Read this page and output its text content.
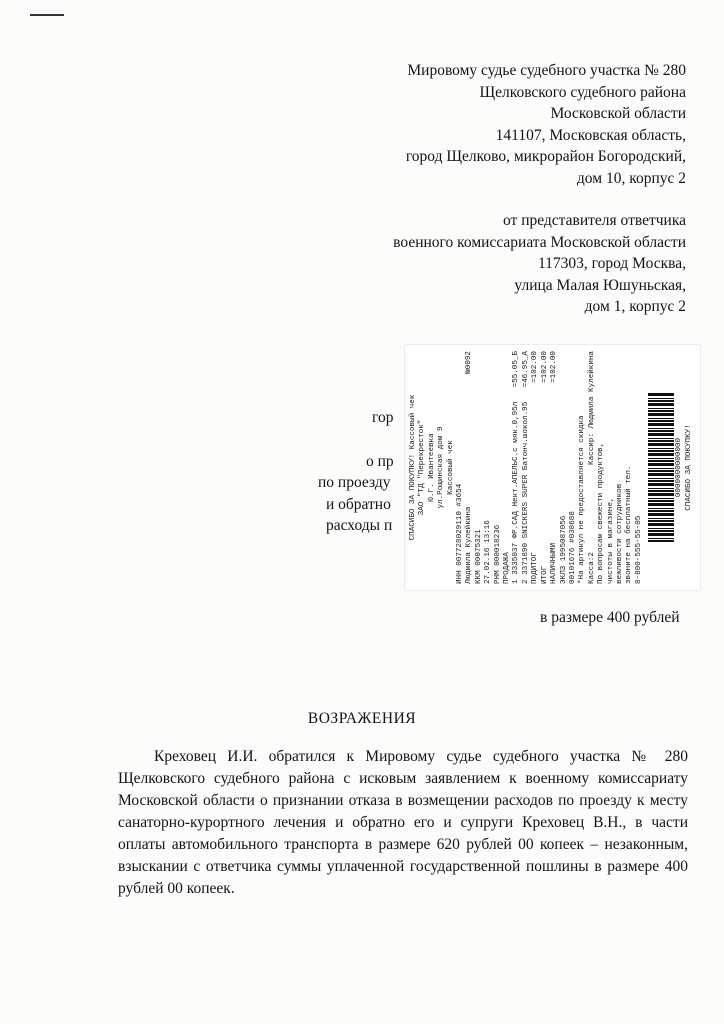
Мировому судье судебного участка № 280
Щелковского судебного района
Московской области
141107, Московская область,
город Щелково, микрорайон Богородский,
дом 10, корпус 2
от представителя ответчика
военного комиссариата Московской области
117303, город Москва,
улица Малая Юшуньская,
дом 1, корпус 2
гор
о пр
по проезду
и обратно
расходы п
в размере 400 рублей
СПАСИБО ЗА ПОКУПКУ! Кассовый чек ЗАО "ТД "Перекресток" Ю.Г. Ивантеевка ул.Рощинская дом 9 Кассовый чек
ИНН 007728029110 #3654 Людмила Кулейкина
№0092
ККМ 00075321 27.02.16 13:16 РНМ 000018236 ПРОДАЖА 1 3335037 ФР.САД Нект.АПЕЛЬС.с мяк.0,95л
=55.05_Б
2 3371890 SNICKERS SUPER Батонч.шокол.95
=46.95_А
ПОДИТОГ
=102.00
ИТОГ
=102.00
НАЛИЧНЫМИ
=102.00
ЭКЛЗ 1995087056 00101676 #038688 *На артикул не предоставляется скидка Касса:2
Кассир: Людмила Кулейкина
По вопросам свежести продуктов, чистоты в магазине, вежливости сотрудников звоните на бесплатный тел. 8-800-555-55-05
0000000000000 СПАСИБО ЗА ПОКУПКУ!
ВОЗРАЖЕНИЯ
Креховец И.И. обратился к Мировому судье судебного участка № 280 Щелковского судебного района с исковым заявлением к военному комиссариату Московской области о признании отказа в возмещении расходов по проезду к месту санаторно-курортного лечения и обратно его и супруги Креховец В.Н., в части оплаты автомобильного транспорта в размере 620 рублей 00 копеек – незаконным, взыскании с ответчика суммы уплаченной государственной пошлины в размере 400 рублей 00 копеек.
